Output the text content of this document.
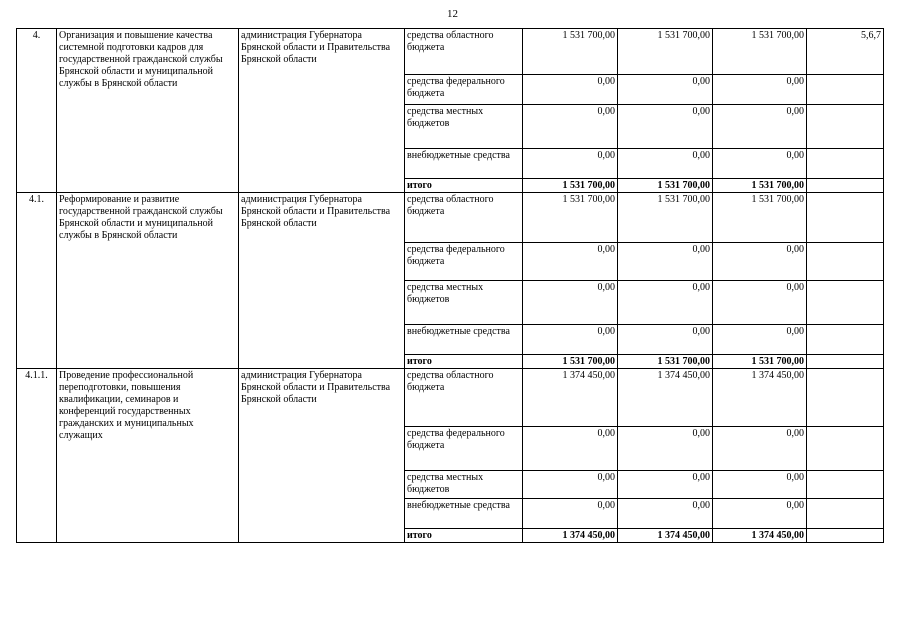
12
4.	Организация и повышение качества системной подготовки кадров для государственной гражданской службы Брянской области и муниципальной службы в Брянской области	администрация Губернатора Брянской области и Правительства Брянской области	средства областного бюджета	1 531 700,00	1 531 700,00	1 531 700,00	5,6,7
			средства федерального бюджета	0,00	0,00	0,00	
			средства местных бюджетов	0,00	0,00	0,00	
			внебюджетные средства	0,00	0,00	0,00	
			итого	1 531 700,00	1 531 700,00	1 531 700,00	
4.1.	Реформирование и развитие государственной гражданской службы Брянской области и муниципальной службы в Брянской области	администрация Губернатора Брянской области и Правительства Брянской области	средства областного бюджета	1 531 700,00	1 531 700,00	1 531 700,00	
			средства федерального бюджета	0,00	0,00	0,00	
			средства местных бюджетов	0,00	0,00	0,00	
			внебюджетные средства	0,00	0,00	0,00	
			итого	1 531 700,00	1 531 700,00	1 531 700,00	
4.1.1.	Проведение профессиональной переподготовки, повышения квалификации, семинаров и конференций государственных гражданских и муниципальных служащих	администрация Губернатора Брянской области и Правительства Брянской области	средства областного бюджета	1 374 450,00	1 374 450,00	1 374 450,00	
			средства федерального бюджета	0,00	0,00	0,00	
			средства местных бюджетов	0,00	0,00	0,00	
			внебюджетные средства	0,00	0,00	0,00	
			итого	1 374 450,00	1 374 450,00	1 374 450,00	
